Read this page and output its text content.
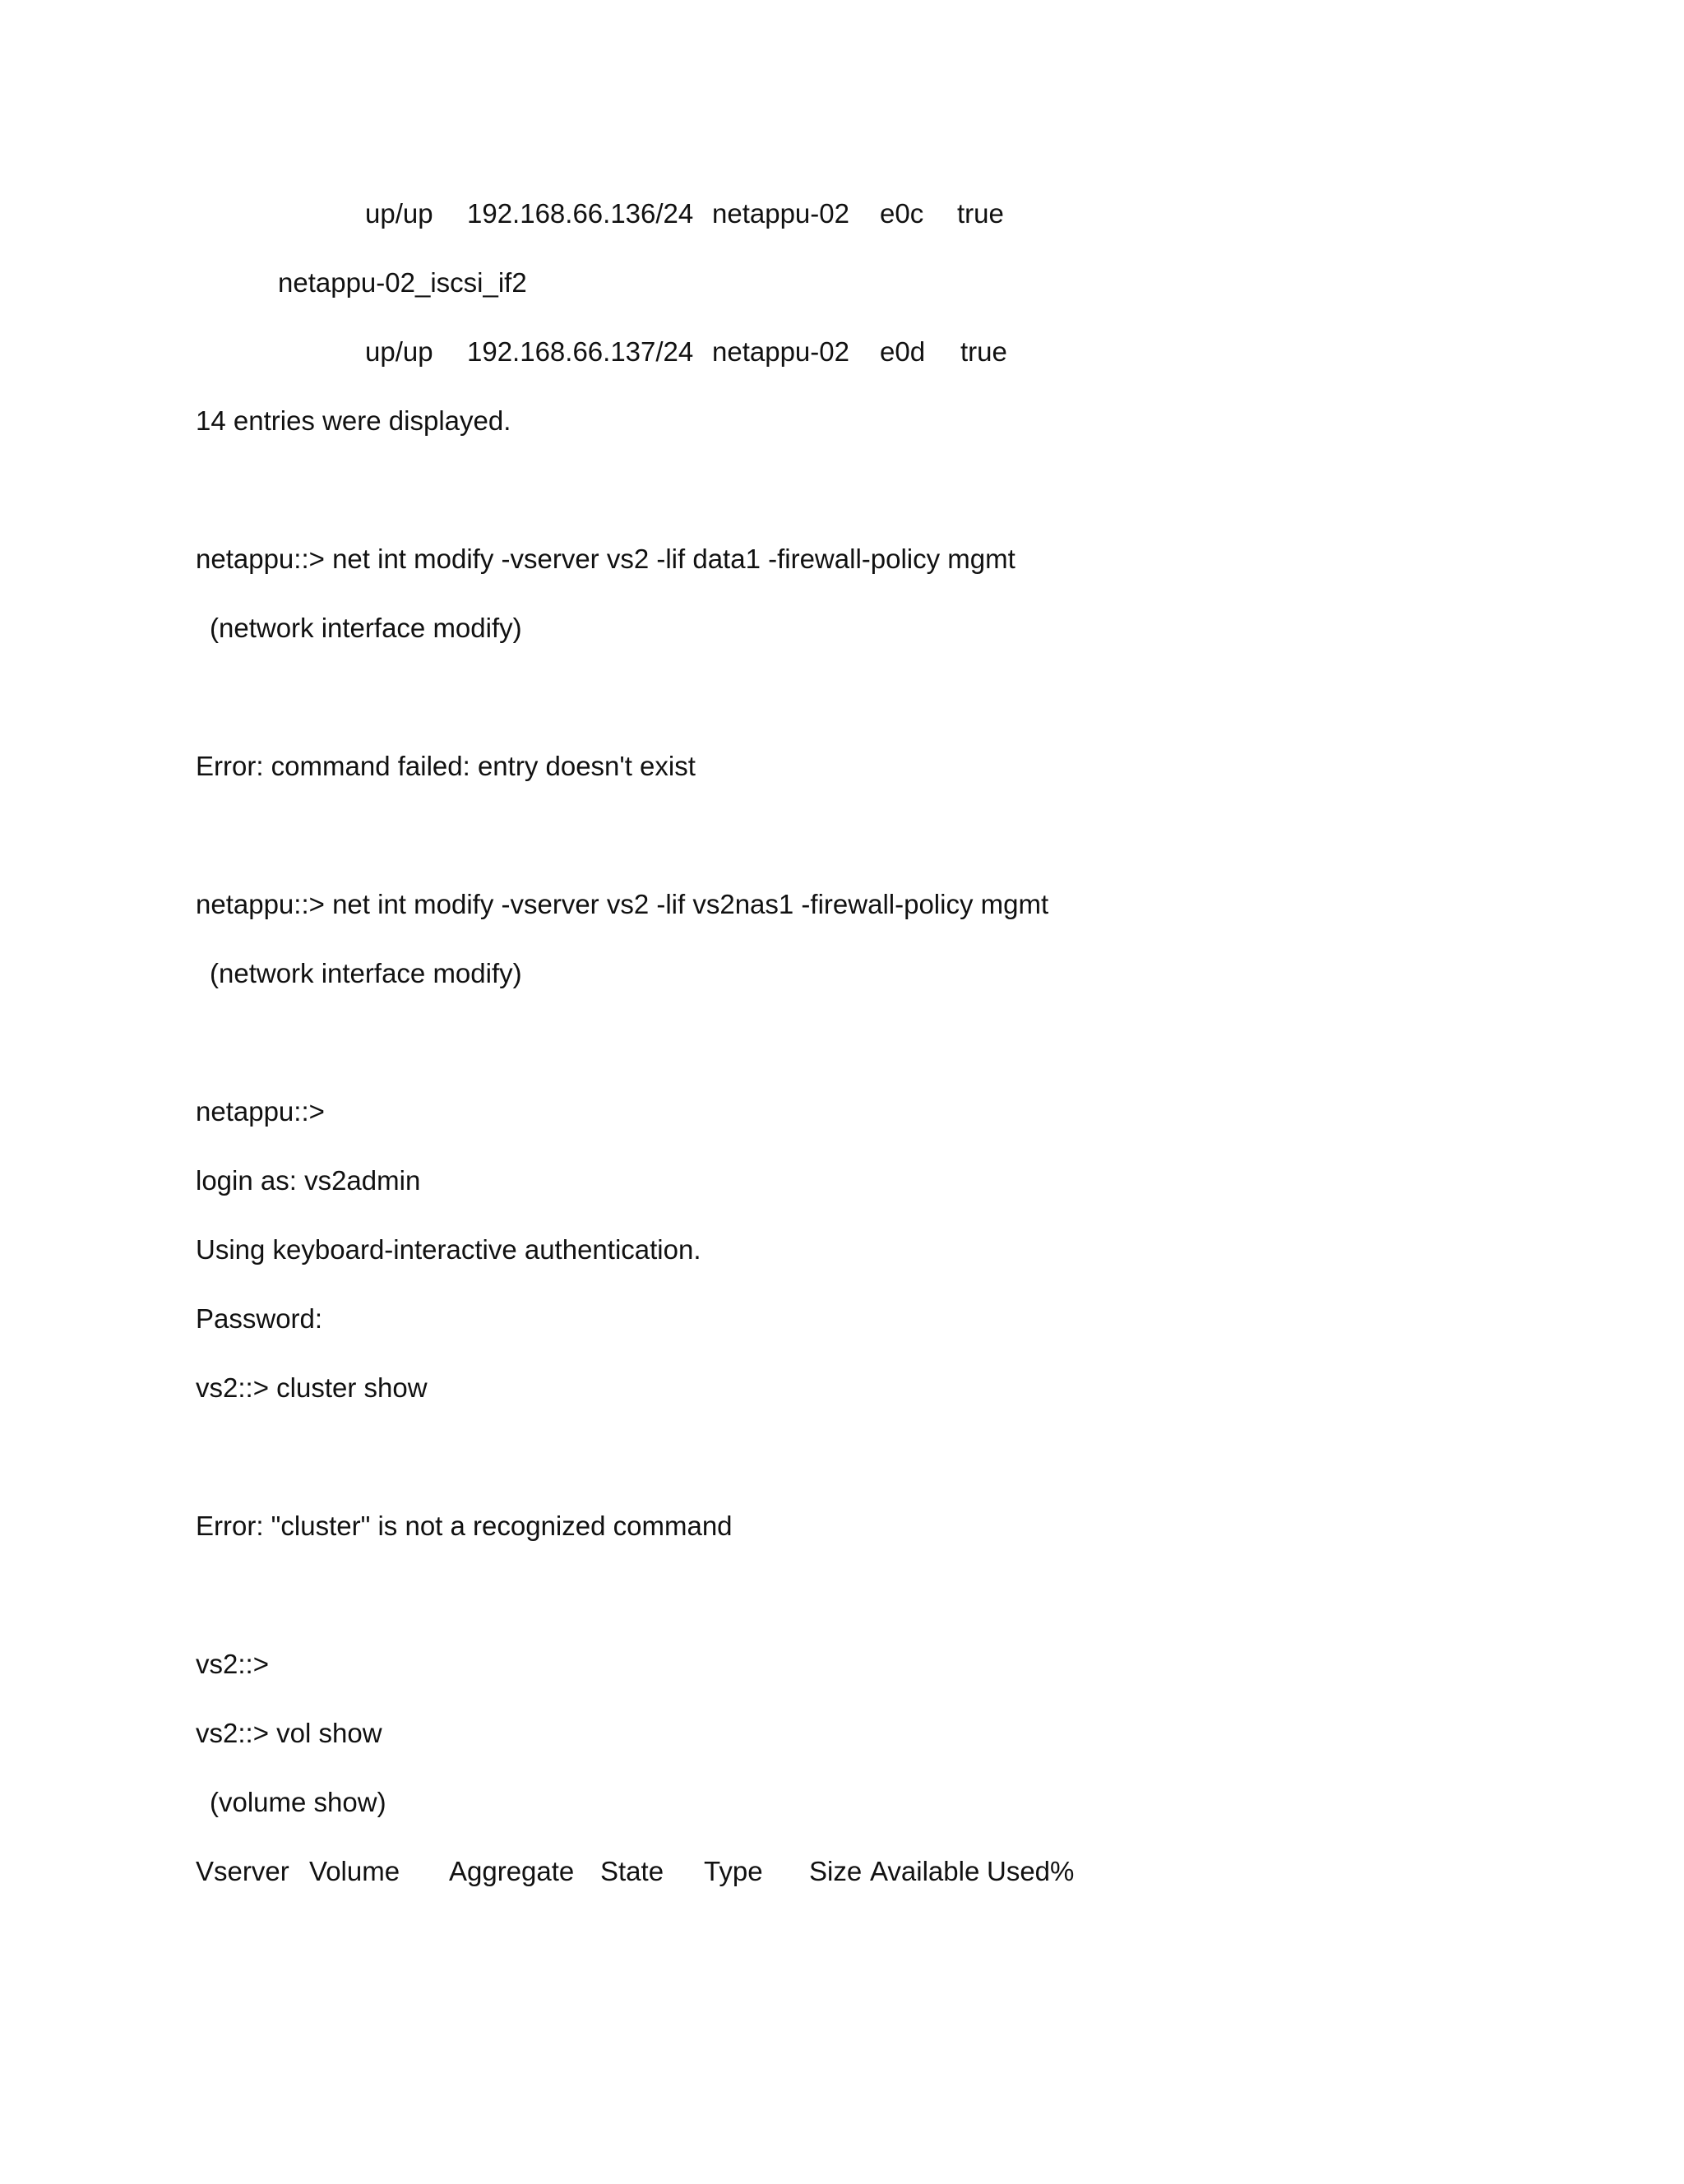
up/up

192.168.66.136/24

netappu-02

e0c

true

netappu-02_iscsi_if2

up/up

192.168.66.137/24

netappu-02

e0d

true

14 entries were displayed.
netappu::> net int modify -vserver vs2 -lif data1 -firewall-policy mgmt
(network interface modify)
Error: command failed: entry doesn't exist
netappu::> net int modify -vserver vs2 -lif vs2nas1 -firewall-policy mgmt
(network interface modify)
netappu::>
login as: vs2admin
Using keyboard-interactive authentication.
Password:
vs2::> cluster show
Error: "cluster" is not a recognized command
vs2::>
vs2::> vol show
(volume show)

Vserver

Volume

Aggregate

State

Type

Size

Available

Used%
